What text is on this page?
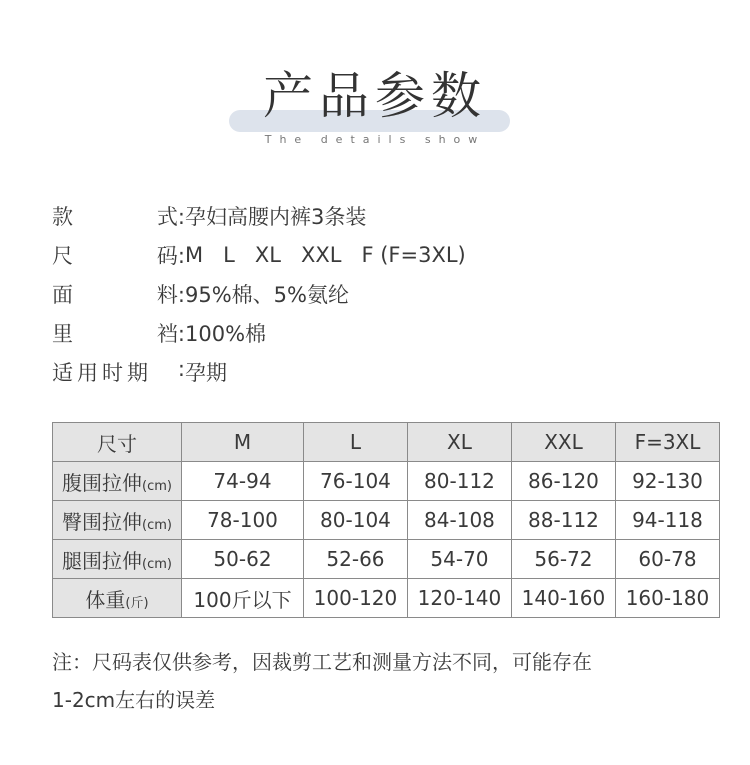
产品参数
The details show
款	式: 孕妇高腰内裤3条装
尺	码: M   L   XL   XXL   F (F=3XL)
面	料: 95%棉、5%氨纶
里	裆: 100%棉
适用时期 : 孕期
尺寸	M	L	XL	XXL	F=3XL
腹围拉伸(cm)	74-94	76-104	80-112	86-120	92-130
臀围拉伸(cm)	78-100	80-104	84-108	88-112	94-118
腿围拉伸(cm)	50-62	52-66	54-70	56-72	60-78
体重(斤)	100斤以下	100-120	120-140	140-160	160-180
注：尺码表仅供参考，因裁剪工艺和测量方法不同，可能存在
1-2cm左右的误差
